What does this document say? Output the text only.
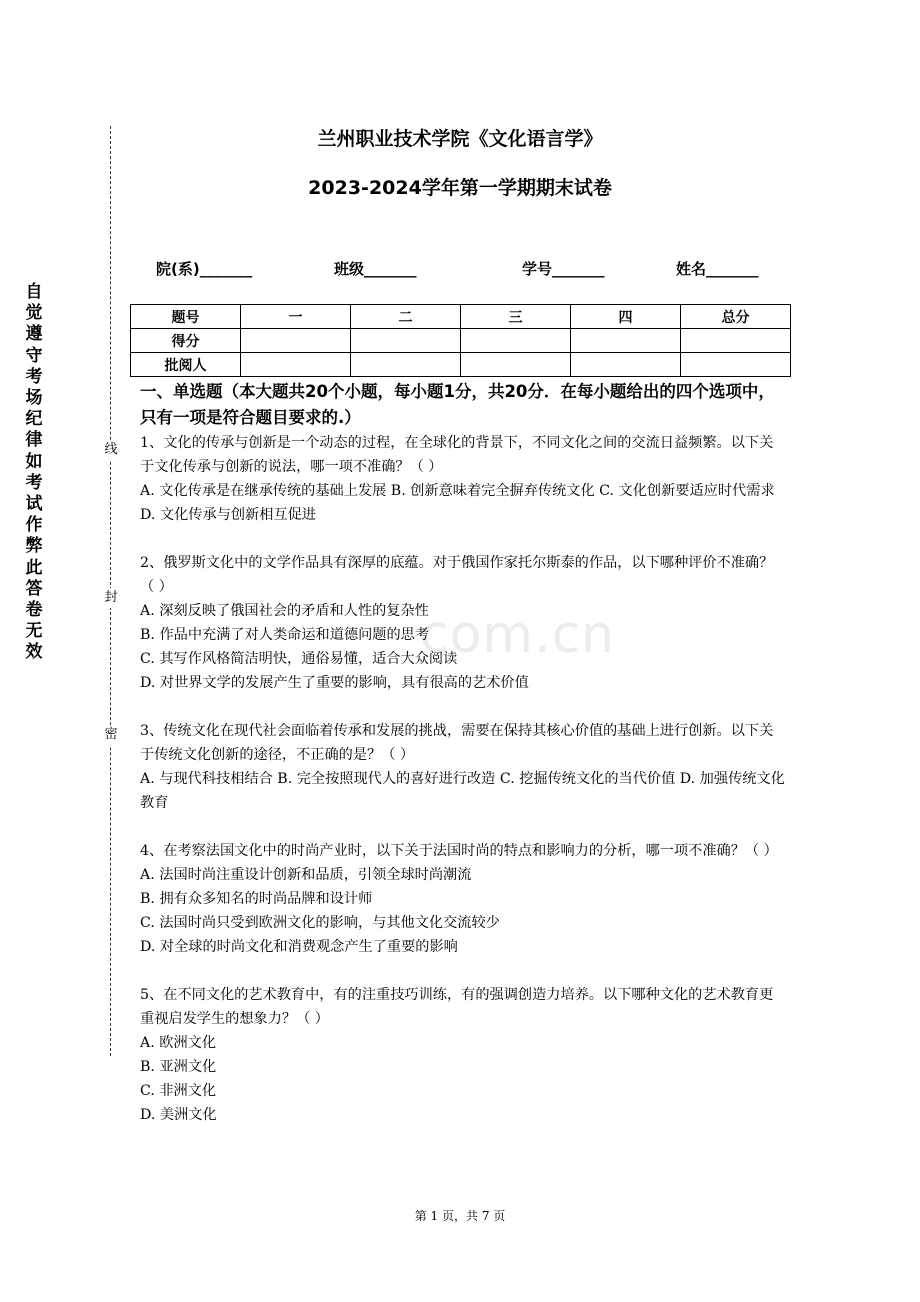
自觉遵守考场纪律如考试作弊此答卷无效
线
封
密
兰州职业技术学院《文化语言学》
2023-2024学年第一学期期末试卷
院(系)_______	班级_______	学号_______	姓名_______
题号	一	二	三	四	总分
得分					
批阅人					
com.cn

一、单选题（本大题共20个小题，每小题1分，共20分．在每小题给出的四个选项中，只有一项是符合题目要求的.）

1、文化的传承与创新是一个动态的过程，在全球化的背景下，不同文化之间的交流日益频繁。以下关于文化传承与创新的说法，哪一项不准确？（ ）

A. 文化传承是在继承传统的基础上发展 B. 创新意味着完全摒弃传统文化 C. 文化创新要适应时代需求 D. 文化传承与创新相互促进

2、俄罗斯文化中的文学作品具有深厚的底蕴。对于俄国作家托尔斯泰的作品，以下哪种评价不准确？（ ）

A. 深刻反映了俄国社会的矛盾和人性的复杂性

B. 作品中充满了对人类命运和道德问题的思考

C. 其写作风格简洁明快，通俗易懂，适合大众阅读

D. 对世界文学的发展产生了重要的影响，具有很高的艺术价值

3、传统文化在现代社会面临着传承和发展的挑战，需要在保持其核心价值的基础上进行创新。以下关于传统文化创新的途径，不正确的是？（ ）

A. 与现代科技相结合 B. 完全按照现代人的喜好进行改造 C. 挖掘传统文化的当代价值 D. 加强传统文化教育

4、在考察法国文化中的时尚产业时，以下关于法国时尚的特点和影响力的分析，哪一项不准确？（ ）

A. 法国时尚注重设计创新和品质，引领全球时尚潮流

B. 拥有众多知名的时尚品牌和设计师

C. 法国时尚只受到欧洲文化的影响，与其他文化交流较少

D. 对全球的时尚文化和消费观念产生了重要的影响

5、在不同文化的艺术教育中，有的注重技巧训练，有的强调创造力培养。以下哪种文化的艺术教育更重视启发学生的想象力？（ ）

A. 欧洲文化

B. 亚洲文化

C. 非洲文化

D. 美洲文化

第 1 页，共 7 页
